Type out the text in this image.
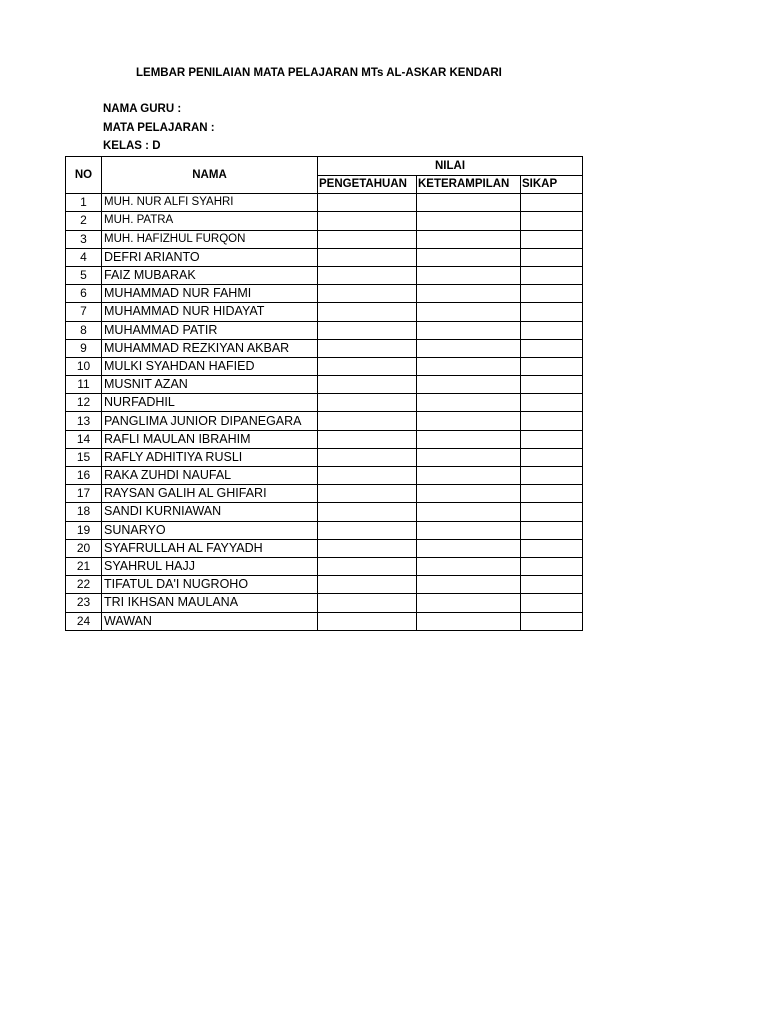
LEMBAR PENILAIAN MATA PELAJARAN MTs AL-ASKAR KENDARI
NAMA GURU :
MATA PELAJARAN :
KELAS : D
NO	NAMA	NILAI		
		PENGETAHUAN	KETERAMPILAN	SIKAP
1	MUH. NUR ALFI SYAHRI			
2	MUH. PATRA			
3	MUH. HAFIZHUL FURQON			
4	DEFRI ARIANTO			
5	FAIZ MUBARAK			
6	MUHAMMAD NUR FAHMI			
7	MUHAMMAD NUR HIDAYAT			
8	MUHAMMAD PATIR			
9	MUHAMMAD REZKIYAN AKBAR			
10	MULKI SYAHDAN HAFIED			
11	MUSNIT AZAN			
12	NURFADHIL			
13	PANGLIMA JUNIOR DIPANEGARA			
14	RAFLI MAULAN IBRAHIM			
15	RAFLY ADHITIYA RUSLI			
16	RAKA ZUHDI NAUFAL			
17	RAYSAN GALIH AL GHIFARI			
18	SANDI KURNIAWAN			
19	SUNARYO			
20	SYAFRULLAH AL FAYYADH			
21	SYAHRUL HAJJ			
22	TIFATUL DA'I NUGROHO			
23	TRI IKHSAN MAULANA			
24	WAWAN			
